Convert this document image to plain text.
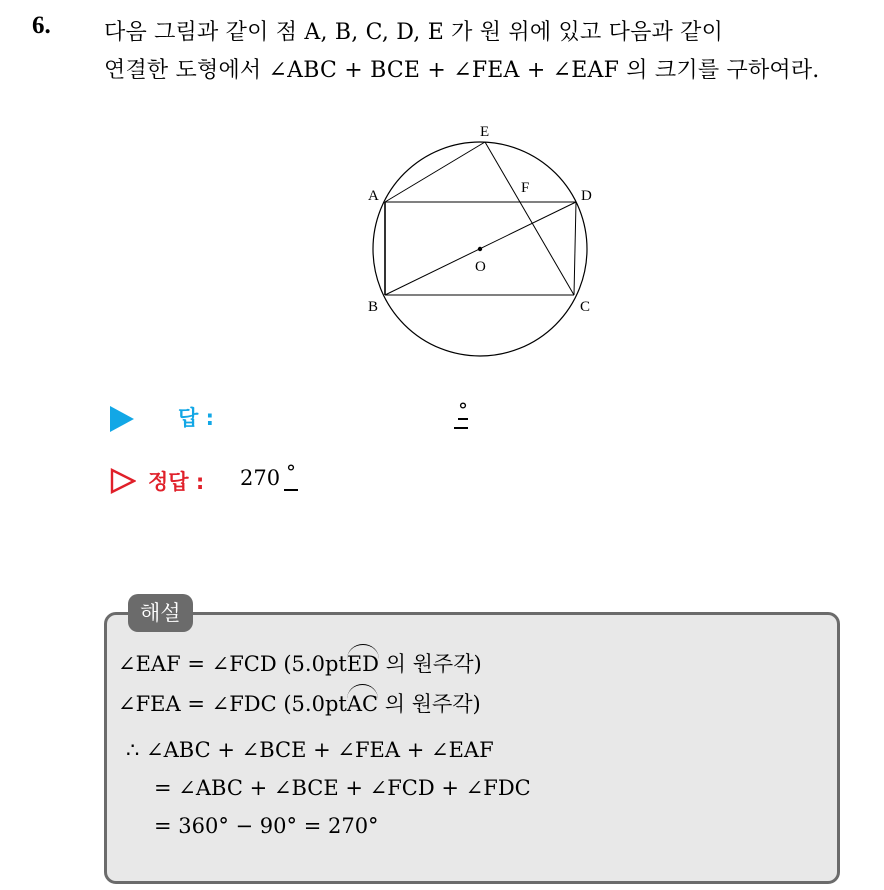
6. 다음 그림과 같이 점 A, B, C, D, E 가 원 위에 있고 다음과 같이
연결한 도형에서 ∠ABC + BCE + ∠FEA + ∠EAF 의 크기를 구하여라.
E
A	F	D
O
B	C
답 :	°
정답 : 270 °
해설
∠EAF = ∠FCD (5.0ptED 의 원주각)
∠FEA = ∠FDC (5.0ptAC 의 원주각)
∴ ∠ABC + ∠BCE + ∠FEA + ∠EAF
= ∠ABC + ∠BCE + ∠FCD + ∠FDC
= 360° − 90° = 270°
